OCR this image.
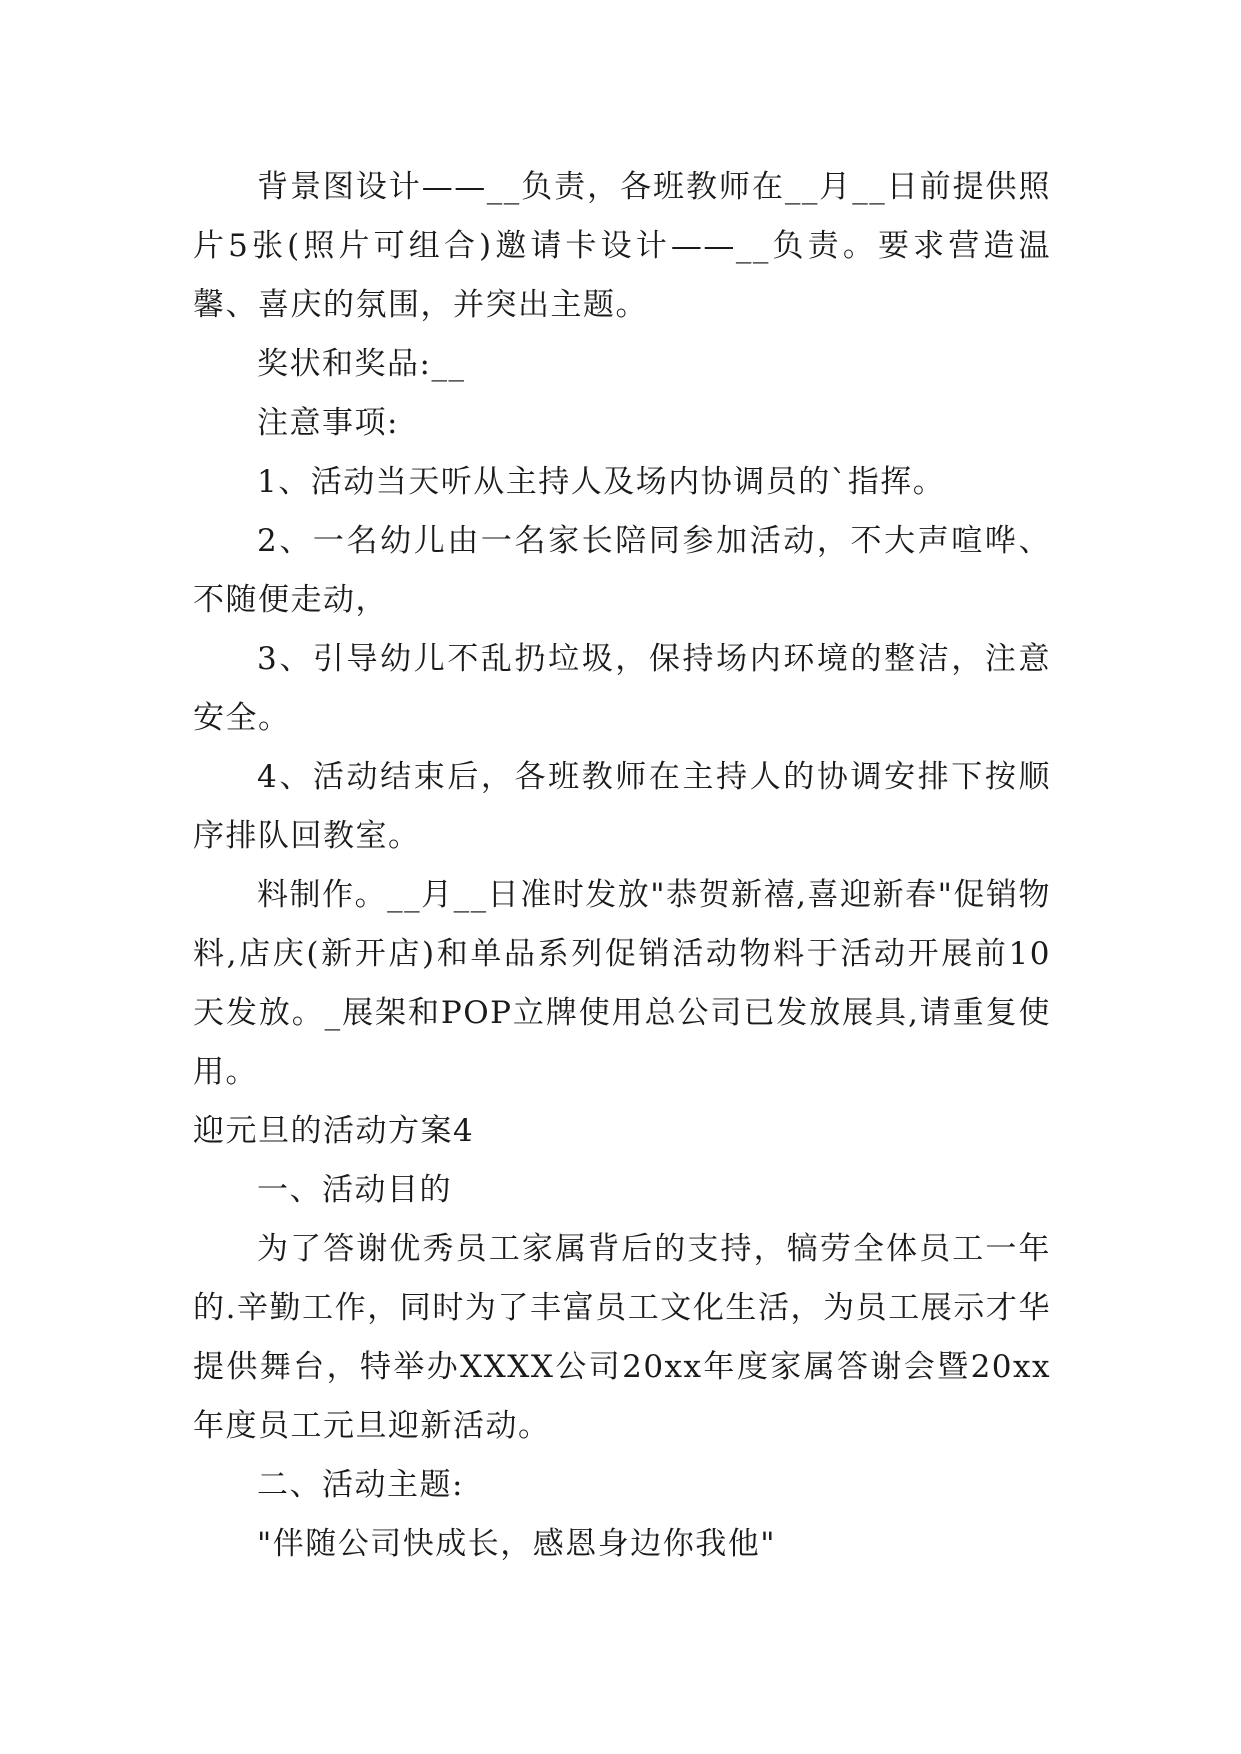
背景图设计——__负责，各班教师在__月__日前提供照片5张(照片可组合)邀请卡设计——__负责。要求营造温馨、喜庆的氛围，并突出主题。

奖状和奖品:__

注意事项:

1、活动当天听从主持人及场内协调员的`指挥。

2、一名幼儿由一名家长陪同参加活动，不大声喧哗、不随便走动，

3、引导幼儿不乱扔垃圾，保持场内环境的整洁，注意安全。

4、活动结束后，各班教师在主持人的协调安排下按顺序排队回教室。

料制作。__月__日准时发放"恭贺新禧,喜迎新春"促销物料,店庆(新开店)和单品系列促销活动物料于活动开展前10天发放。_展架和POP立牌使用总公司已发放展具,请重复使用。

迎元旦的活动方案4

一、活动目的

为了答谢优秀员工家属背后的支持，犒劳全体员工一年的.辛勤工作，同时为了丰富员工文化生活，为员工展示才华提供舞台，特举办XXXX公司20xx年度家属答谢会暨20xx年度员工元旦迎新活动。

二、活动主题:

"伴随公司快成长，感恩身边你我他"
